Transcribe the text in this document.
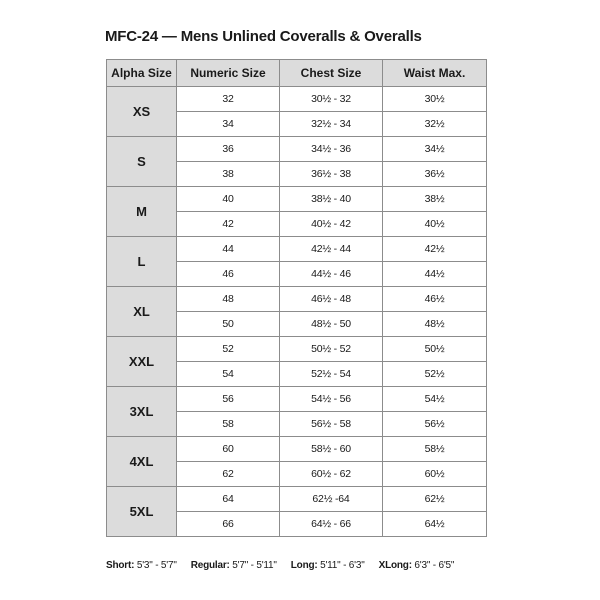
MFC-24 — Mens Unlined Coveralls & Overalls
Alpha Size	Numeric Size	Chest Size	Waist Max.
XS	32	30½ - 32	30½
	34	32½ - 34	32½
S	36	34½ - 36	34½
	38	36½ - 38	36½
M	40	38½ - 40	38½
	42	40½ - 42	40½
L	44	42½ - 44	42½
	46	44½ - 46	44½
XL	48	46½ - 48	46½
	50	48½ - 50	48½
XXL	52	50½ - 52	50½
	54	52½ - 54	52½
3XL	56	54½ - 56	54½
	58	56½ - 58	56½
4XL	60	58½ - 60	58½
	62	60½ - 62	60½
5XL	64	62½ -64	62½
	66	64½ - 66	64½
Short: 5'3" - 5'7" Regular: 5'7" - 5'11" Long: 5'11" - 6'3" XLong: 6'3" - 6'5"
